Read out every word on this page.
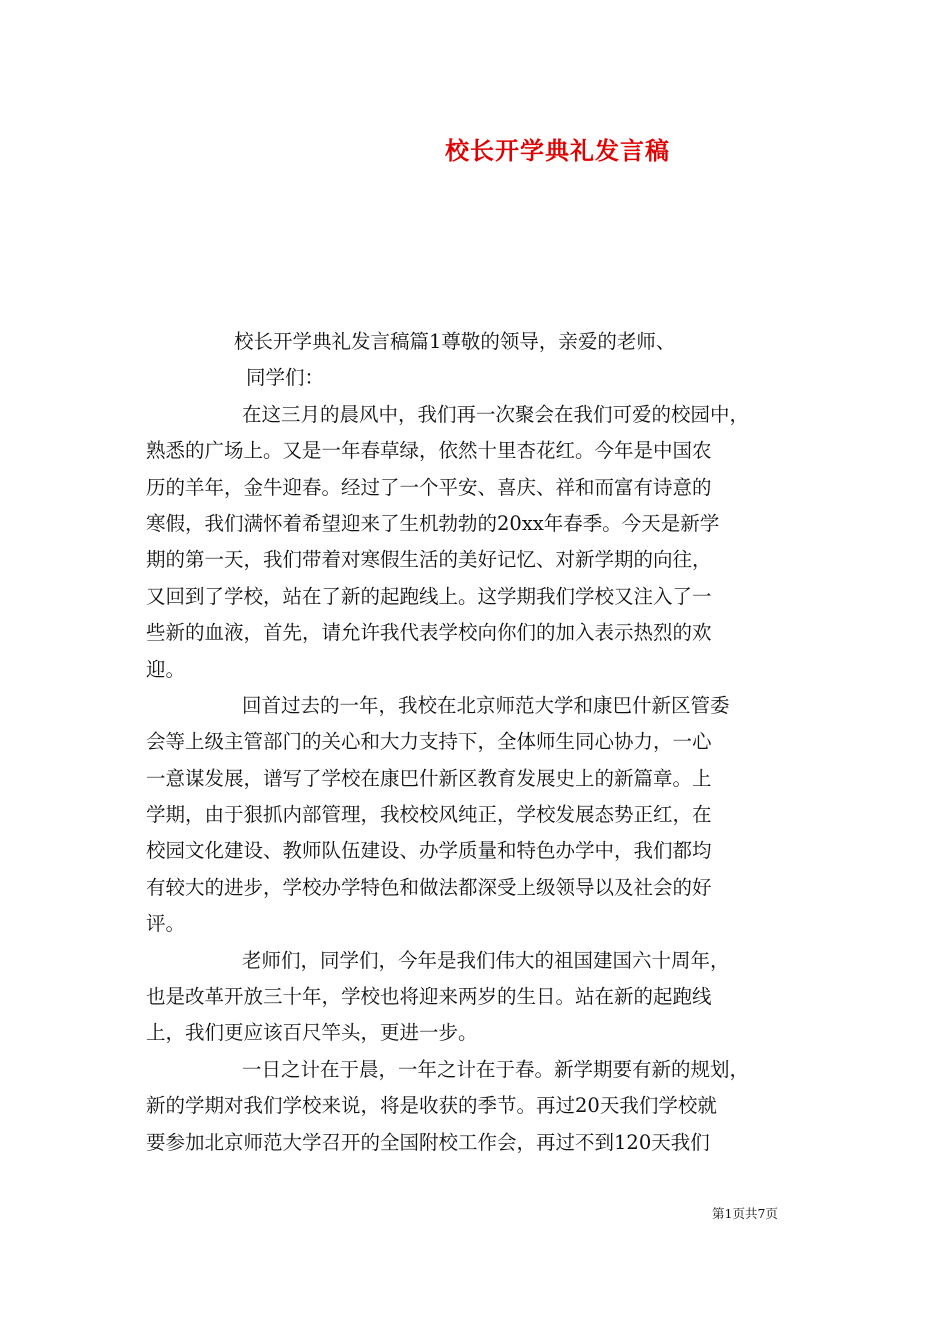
校长开学典礼发言稿
校长开学典礼发言稿篇1尊敬的领导，亲爱的老师、
同学们：
在这三月的晨风中，我们再一次聚会在我们可爱的校园中，
熟悉的广场上。又是一年春草绿，依然十里杏花红。今年是中国农
历的羊年，金牛迎春。经过了一个平安、喜庆、祥和而富有诗意的
寒假，我们满怀着希望迎来了生机勃勃的20xx年春季。今天是新学
期的第一天，我们带着对寒假生活的美好记忆、对新学期的向往，
又回到了学校，站在了新的起跑线上。这学期我们学校又注入了一
些新的血液，首先，请允许我代表学校向你们的加入表示热烈的欢
迎。
回首过去的一年，我校在北京师范大学和康巴什新区管委
会等上级主管部门的关心和大力支持下，全体师生同心协力，一心
一意谋发展，谱写了学校在康巴什新区教育发展史上的新篇章。上
学期，由于狠抓内部管理，我校校风纯正，学校发展态势正红，在
校园文化建设、教师队伍建设、办学质量和特色办学中，我们都均
有较大的进步，学校办学特色和做法都深受上级领导以及社会的好
评。
老师们，同学们，今年是我们伟大的祖国建国六十周年，
也是改革开放三十年，学校也将迎来两岁的生日。站在新的起跑线
上，我们更应该百尺竿头，更进一步。
一日之计在于晨，一年之计在于春。新学期要有新的规划，
新的学期对我们学校来说，将是收获的季节。再过20天我们学校就
要参加北京师范大学召开的全国附校工作会，再过不到120天我们
第1页共7页
